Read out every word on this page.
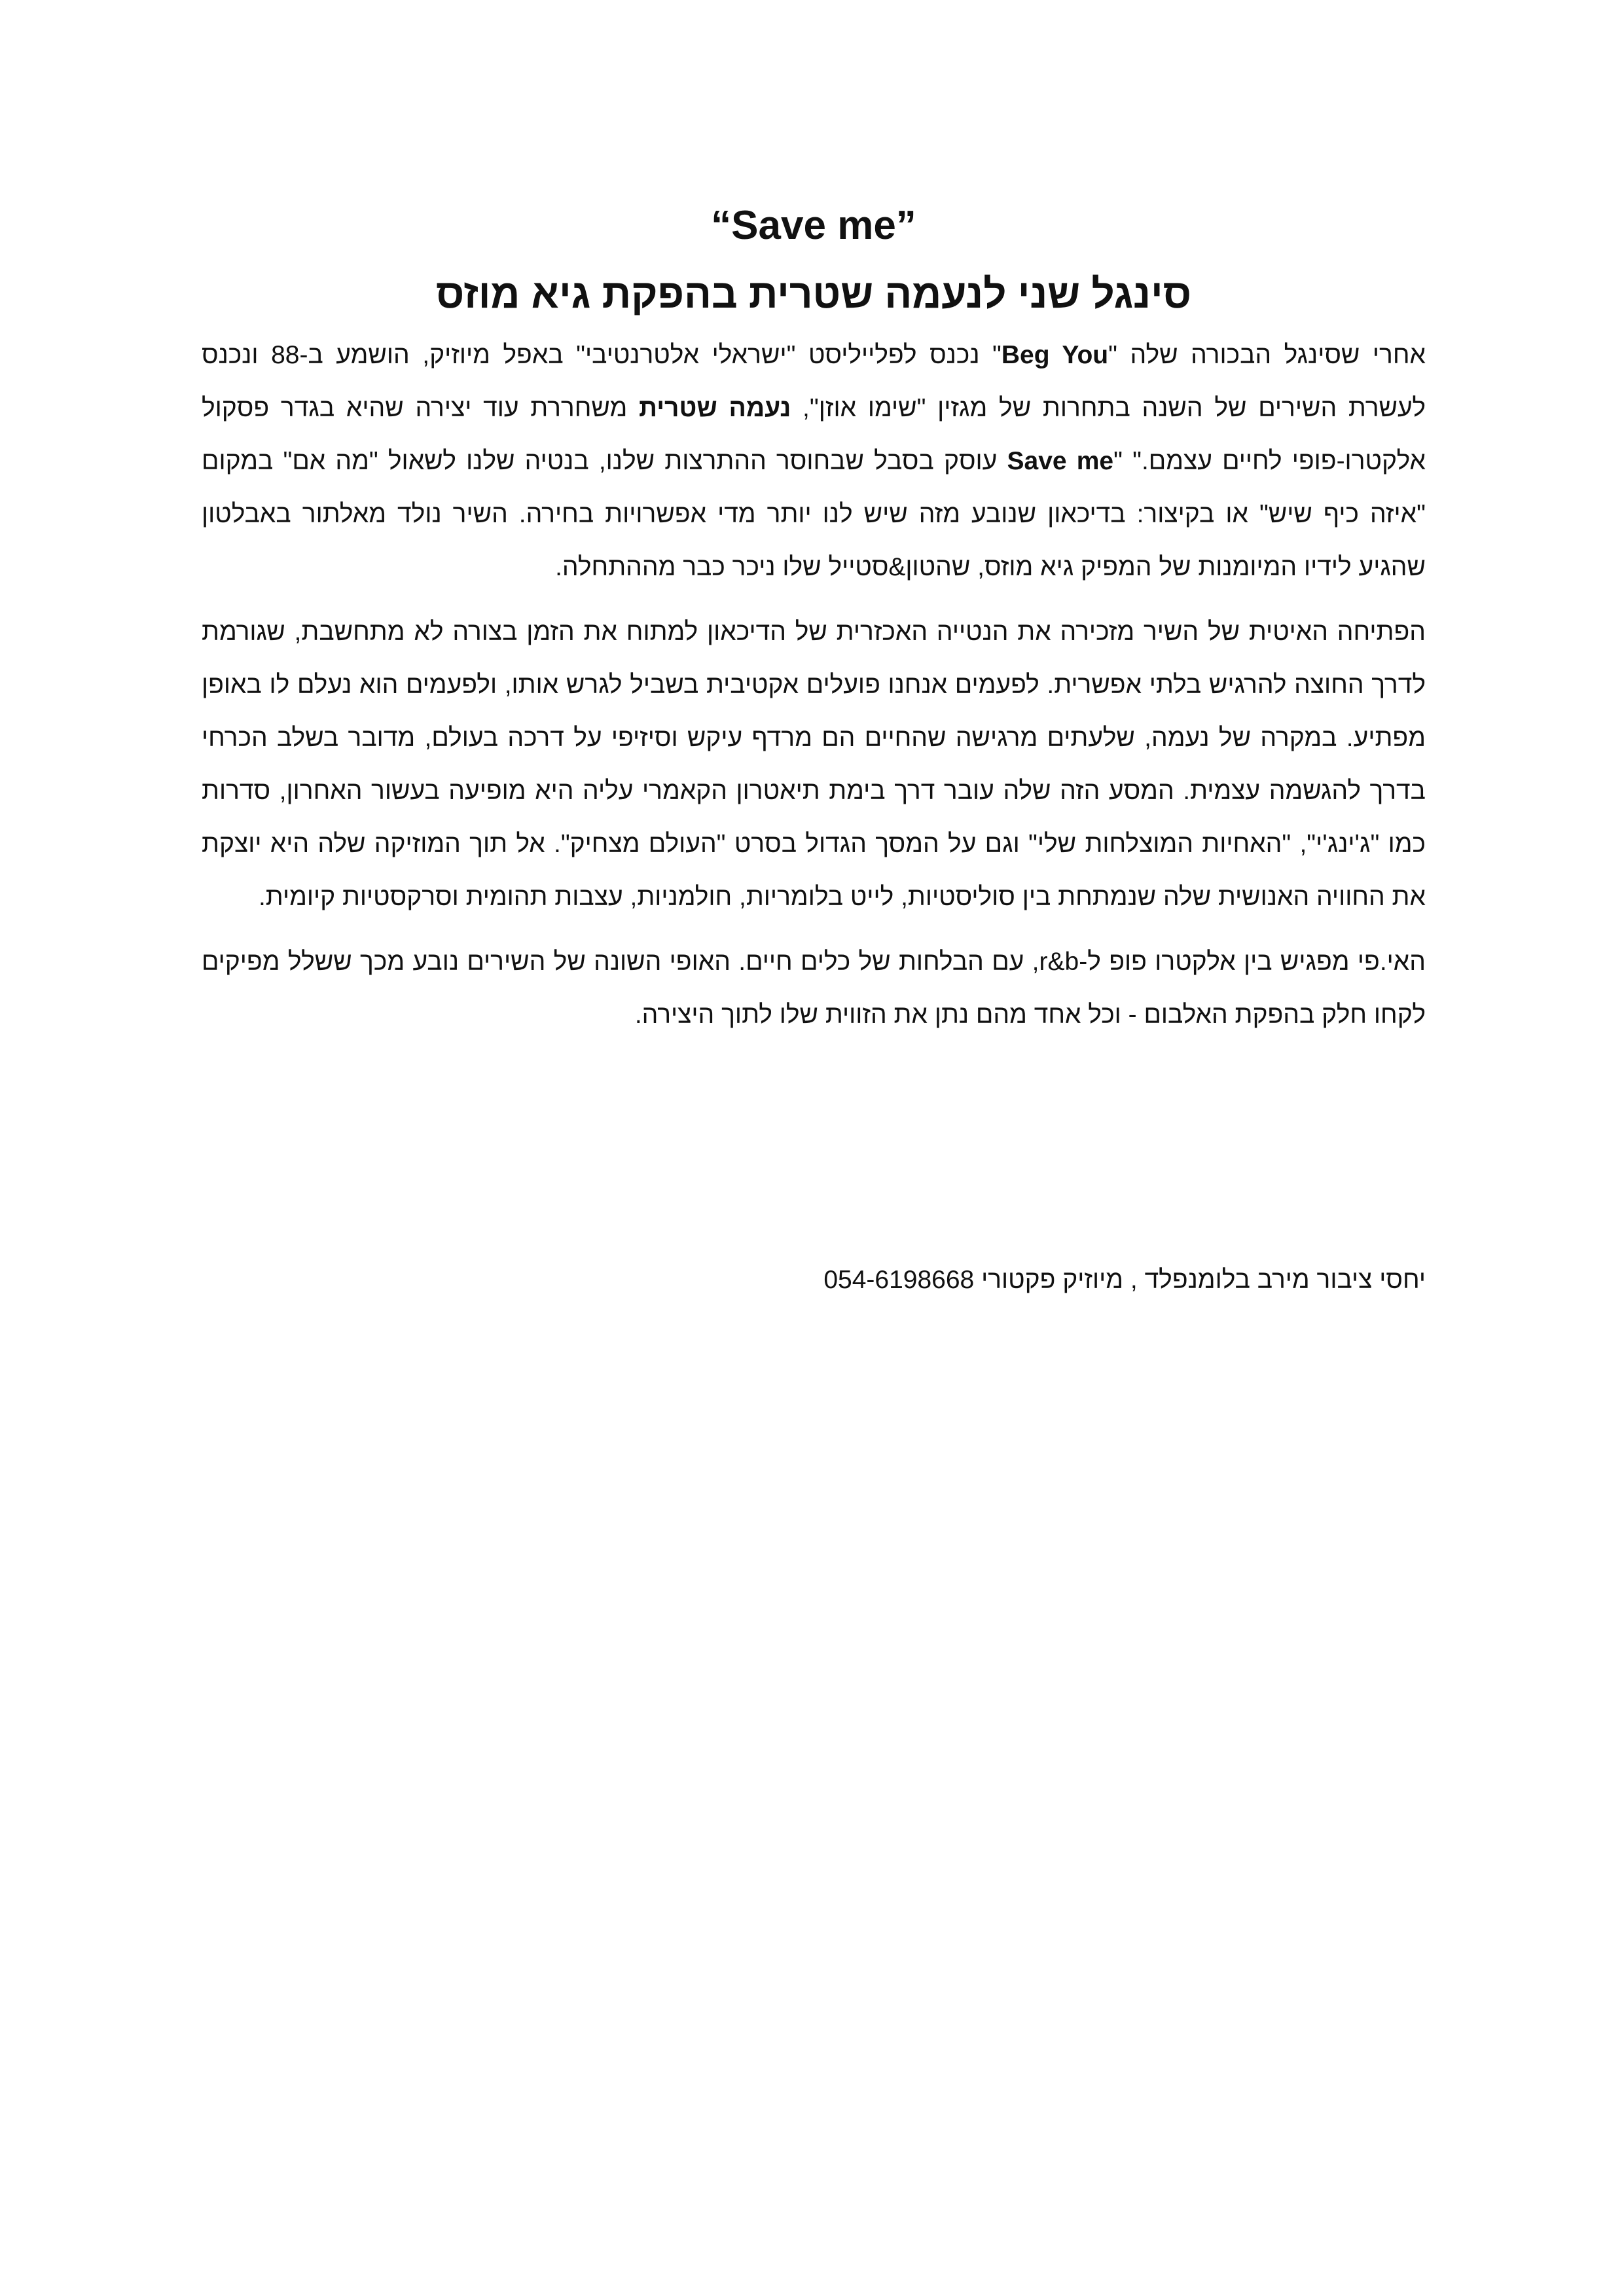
“Save me”
סינגל שני לנעמה שטרית בהפקת גיא מוזס

אחרי שסינגל הבכורה שלה "Beg You" נכנס לפלייליסט "ישראלי אלטרנטיבי" באפל מיוזיק, הושמע ב-88 ונכנס לעשרת השירים של השנה בתחרות של מגזין "שימו אוזן", נעמה שטרית משחררת עוד יצירה שהיא בגדר פסקול אלקטרו-פופי לחיים עצמם." "Save me עוסק בסבל שבחוסר ההתרצות שלנו, בנטיה שלנו לשאול "מה אם" במקום "איזה כיף שיש" או בקיצור: בדיכאון שנובע מזה שיש לנו יותר מדי אפשרויות בחירה. השיר נולד מאלתור באבלטון שהגיע לידיו המיומנות של המפיק גיא מוזס, שהטון&סטייל שלו ניכר כבר מההתחלה.

הפתיחה האיטית של השיר מזכירה את הנטייה האכזרית של הדיכאון למתוח את הזמן בצורה לא מתחשבת, שגורמת לדרך החוצה להרגיש בלתי אפשרית. לפעמים אנחנו פועלים אקטיבית בשביל לגרש אותו, ולפעמים הוא נעלם לו באופן מפתיע. במקרה של נעמה, שלעתים מרגישה שהחיים הם מרדף עיקש וסיזיפי על דרכה בעולם, מדובר בשלב הכרחי בדרך להגשמה עצמית. המסע הזה שלה עובר דרך בימת תיאטרון הקאמרי עליה היא מופיעה בעשור האחרון, סדרות כמו "ג'ינג'י", "האחיות המוצלחות שלי" וגם על המסך הגדול בסרט "העולם מצחיק". אל תוך המוזיקה שלה היא יוצקת את החוויה האנושית שלה שנמתחת בין סוליסטיות, לייט בלומריות, חולמניות, עצבות תהומית וסרקסטיות קיומית.

האי.פי מפגיש בין אלקטרו פופ ל-r&b, עם הבלחות של כלים חיים. האופי השונה של השירים נובע מכך ששלל מפיקים לקחו חלק בהפקת האלבום - וכל אחד מהם נתן את הזווית שלו לתוך היצירה.

יחסי ציבור מירב בלומנפלד , מיוזיק פקטורי 054-6198668
